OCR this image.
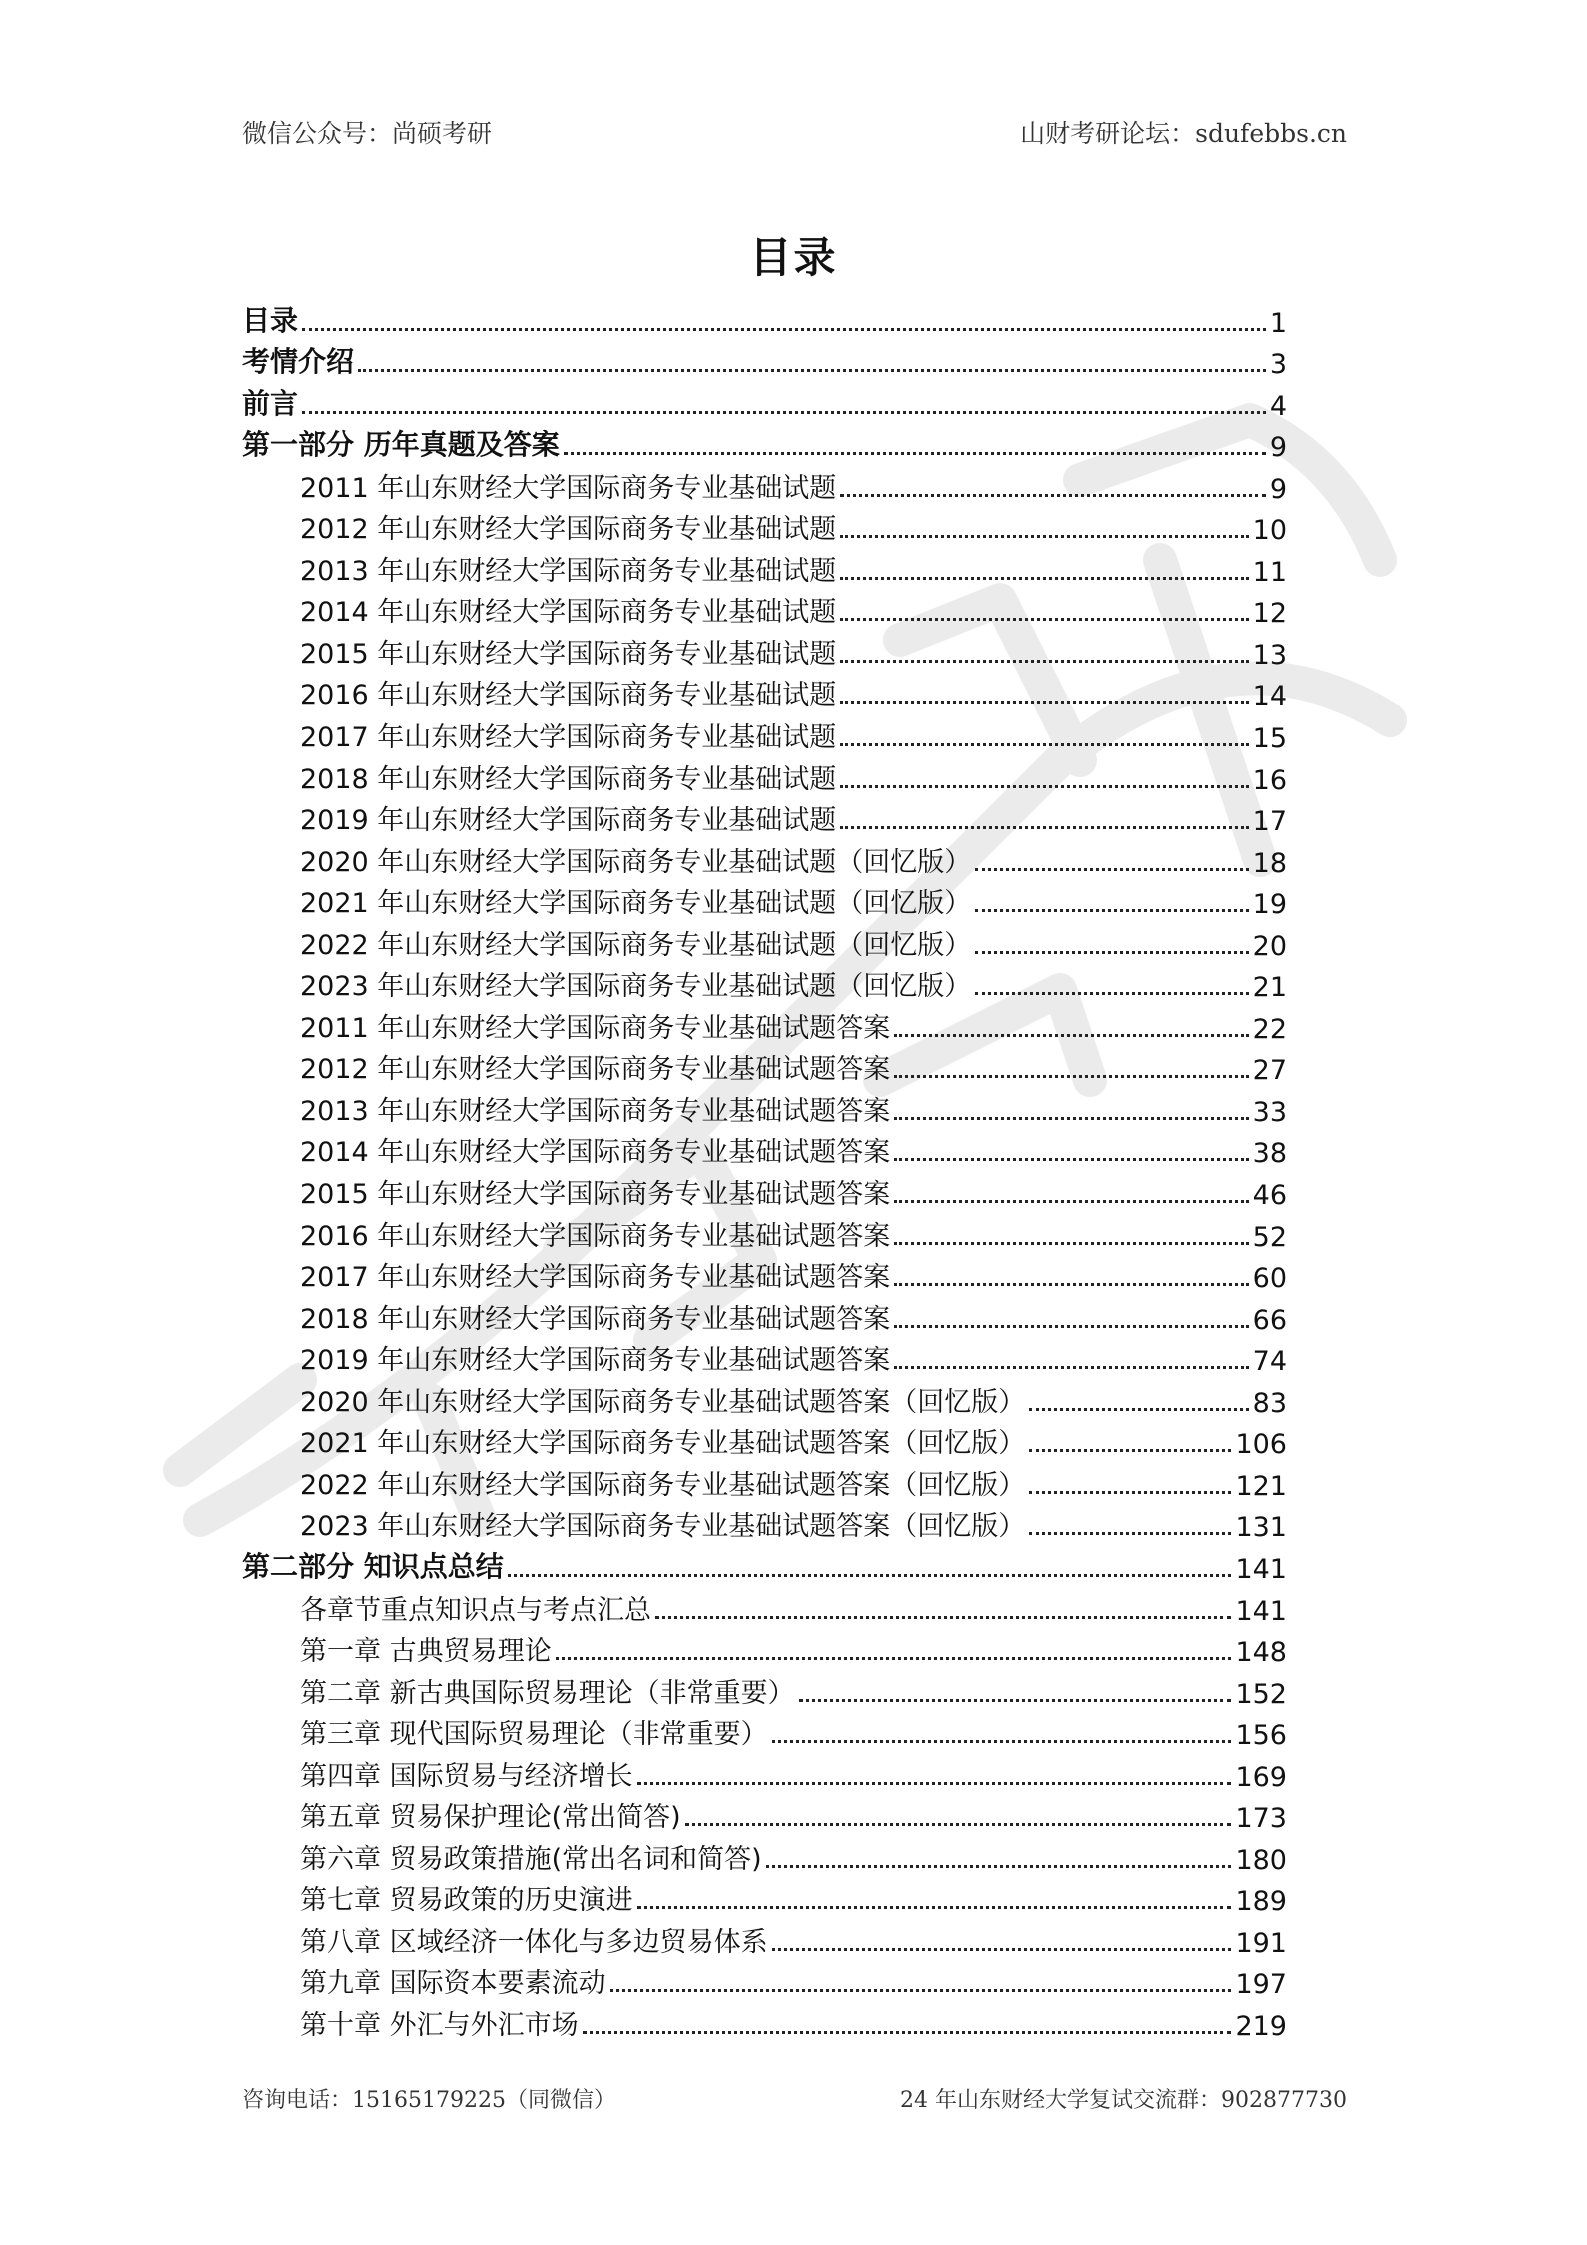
微信公众号：尚硕考研	山财考研论坛：sdufebbs.cn
目录
目录	1
考情介绍	3
前言	4
第一部分 历年真题及答案	9
2011 年山东财经大学国际商务专业基础试题	9
2012 年山东财经大学国际商务专业基础试题	10
2013 年山东财经大学国际商务专业基础试题	11
2014 年山东财经大学国际商务专业基础试题	12
2015 年山东财经大学国际商务专业基础试题	13
2016 年山东财经大学国际商务专业基础试题	14
2017 年山东财经大学国际商务专业基础试题	15
2018 年山东财经大学国际商务专业基础试题	16
2019 年山东财经大学国际商务专业基础试题	17
2020 年山东财经大学国际商务专业基础试题（回忆版）	18
2021 年山东财经大学国际商务专业基础试题（回忆版）	19
2022 年山东财经大学国际商务专业基础试题（回忆版）	20
2023 年山东财经大学国际商务专业基础试题（回忆版）	21
2011 年山东财经大学国际商务专业基础试题答案	22
2012 年山东财经大学国际商务专业基础试题答案	27
2013 年山东财经大学国际商务专业基础试题答案	33
2014 年山东财经大学国际商务专业基础试题答案	38
2015 年山东财经大学国际商务专业基础试题答案	46
2016 年山东财经大学国际商务专业基础试题答案	52
2017 年山东财经大学国际商务专业基础试题答案	60
2018 年山东财经大学国际商务专业基础试题答案	66
2019 年山东财经大学国际商务专业基础试题答案	74
2020 年山东财经大学国际商务专业基础试题答案（回忆版）	83
2021 年山东财经大学国际商务专业基础试题答案（回忆版）	106
2022 年山东财经大学国际商务专业基础试题答案（回忆版）	121
2023 年山东财经大学国际商务专业基础试题答案（回忆版）	131
第二部分 知识点总结	141
各章节重点知识点与考点汇总	141
第一章 古典贸易理论	148
第二章 新古典国际贸易理论（非常重要）	152
第三章 现代国际贸易理论（非常重要）	156
第四章 国际贸易与经济增长	169
第五章 贸易保护理论(常出简答)	173
第六章 贸易政策措施(常出名词和简答)	180
第七章 贸易政策的历史演进	189
第八章 区域经济一体化与多边贸易体系	191
第九章 国际资本要素流动	197
第十章 外汇与外汇市场	219
咨询电话：15165179225（同微信）	24 年山东财经大学复试交流群：902877730
